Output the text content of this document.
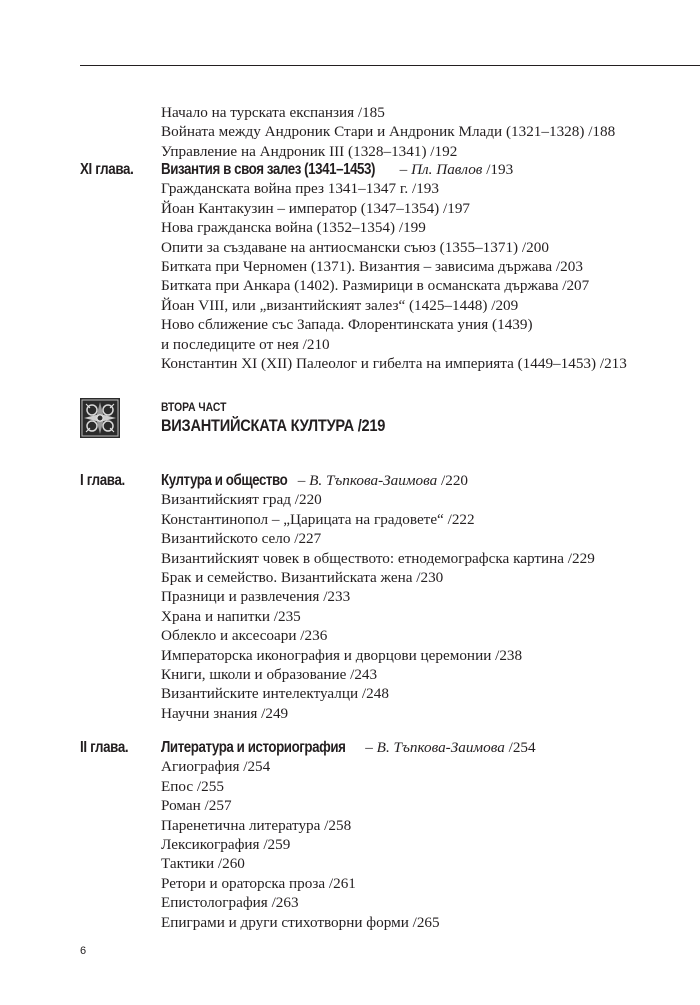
Начало на турската експанзия /185
Войната между Андроник Стари и Андроник Млади (1321–1328) /188
Управление на Андроник III (1328–1341) /192
XI глава. Византия в своя залез (1341–1453) – Пл. Павлов /193
Гражданската война през 1341–1347 г. /193
Йоан Кантакузин – император (1347–1354) /197
Нова гражданска война (1352–1354) /199
Опити за създаване на антиосмански съюз (1355–1371) /200
Битката при Черномен (1371). Византия – зависима държава /203
Битката при Анкара (1402). Размирици в османската държава /207
Йоан VIII, или „византийският залез“ (1425–1448) /209
Ново сближение със Запада. Флорентинската уния (1439)
и последиците от нея /210
Константин XI (XII) Палеолог и гибелта на империята (1449–1453) /213
ВТОРА ЧАСТ
ВИЗАНТИЙСКАТА КУЛТУРА /219
I глава. Култура и общество – В. Тъпкова-Заимова /220
Византийският град /220
Константинопол – „Царицата на градовете“ /222
Византийското село /227
Византийският човек в обществото: етнодемографска картина /229
Брак и семейство. Византийската жена /230
Празници и развлечения /233
Храна и напитки /235
Облекло и аксесоари /236
Императорска иконография и дворцови церемонии /238
Книги, школи и образование /243
Византийските интелектуалци /248
Научни знания /249
II глава. Литература и историография – В. Тъпкова-Заимова /254
Агиография /254
Епос /255
Роман /257
Паренетична литература /258
Лексикография /259
Тактики /260
Ретори и ораторска проза /261
Епистолография /263
Епиграми и други стихотворни форми /265
6
